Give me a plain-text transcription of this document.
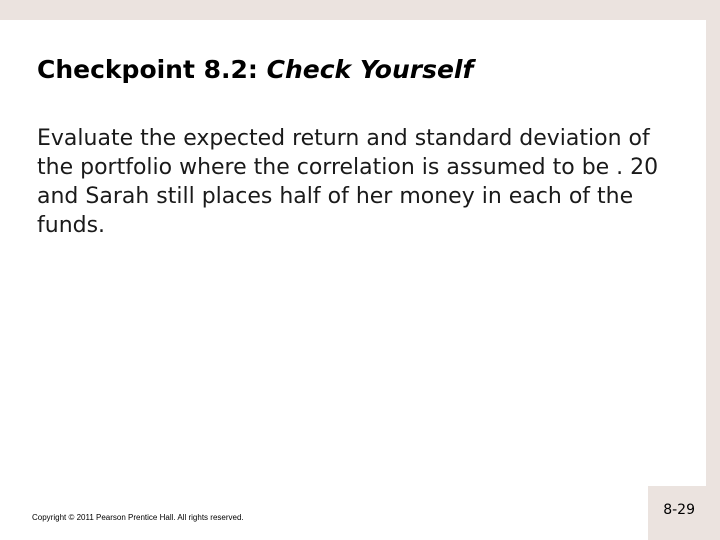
Checkpoint 8.2: Check Yourself

Evaluate the expected return and standard deviation of the portfolio where the correlation is assumed to be . 20 and Sarah still places half of her money in each of the funds.

Copyright © 2011 Pearson Prentice Hall. All rights reserved.	8-29
